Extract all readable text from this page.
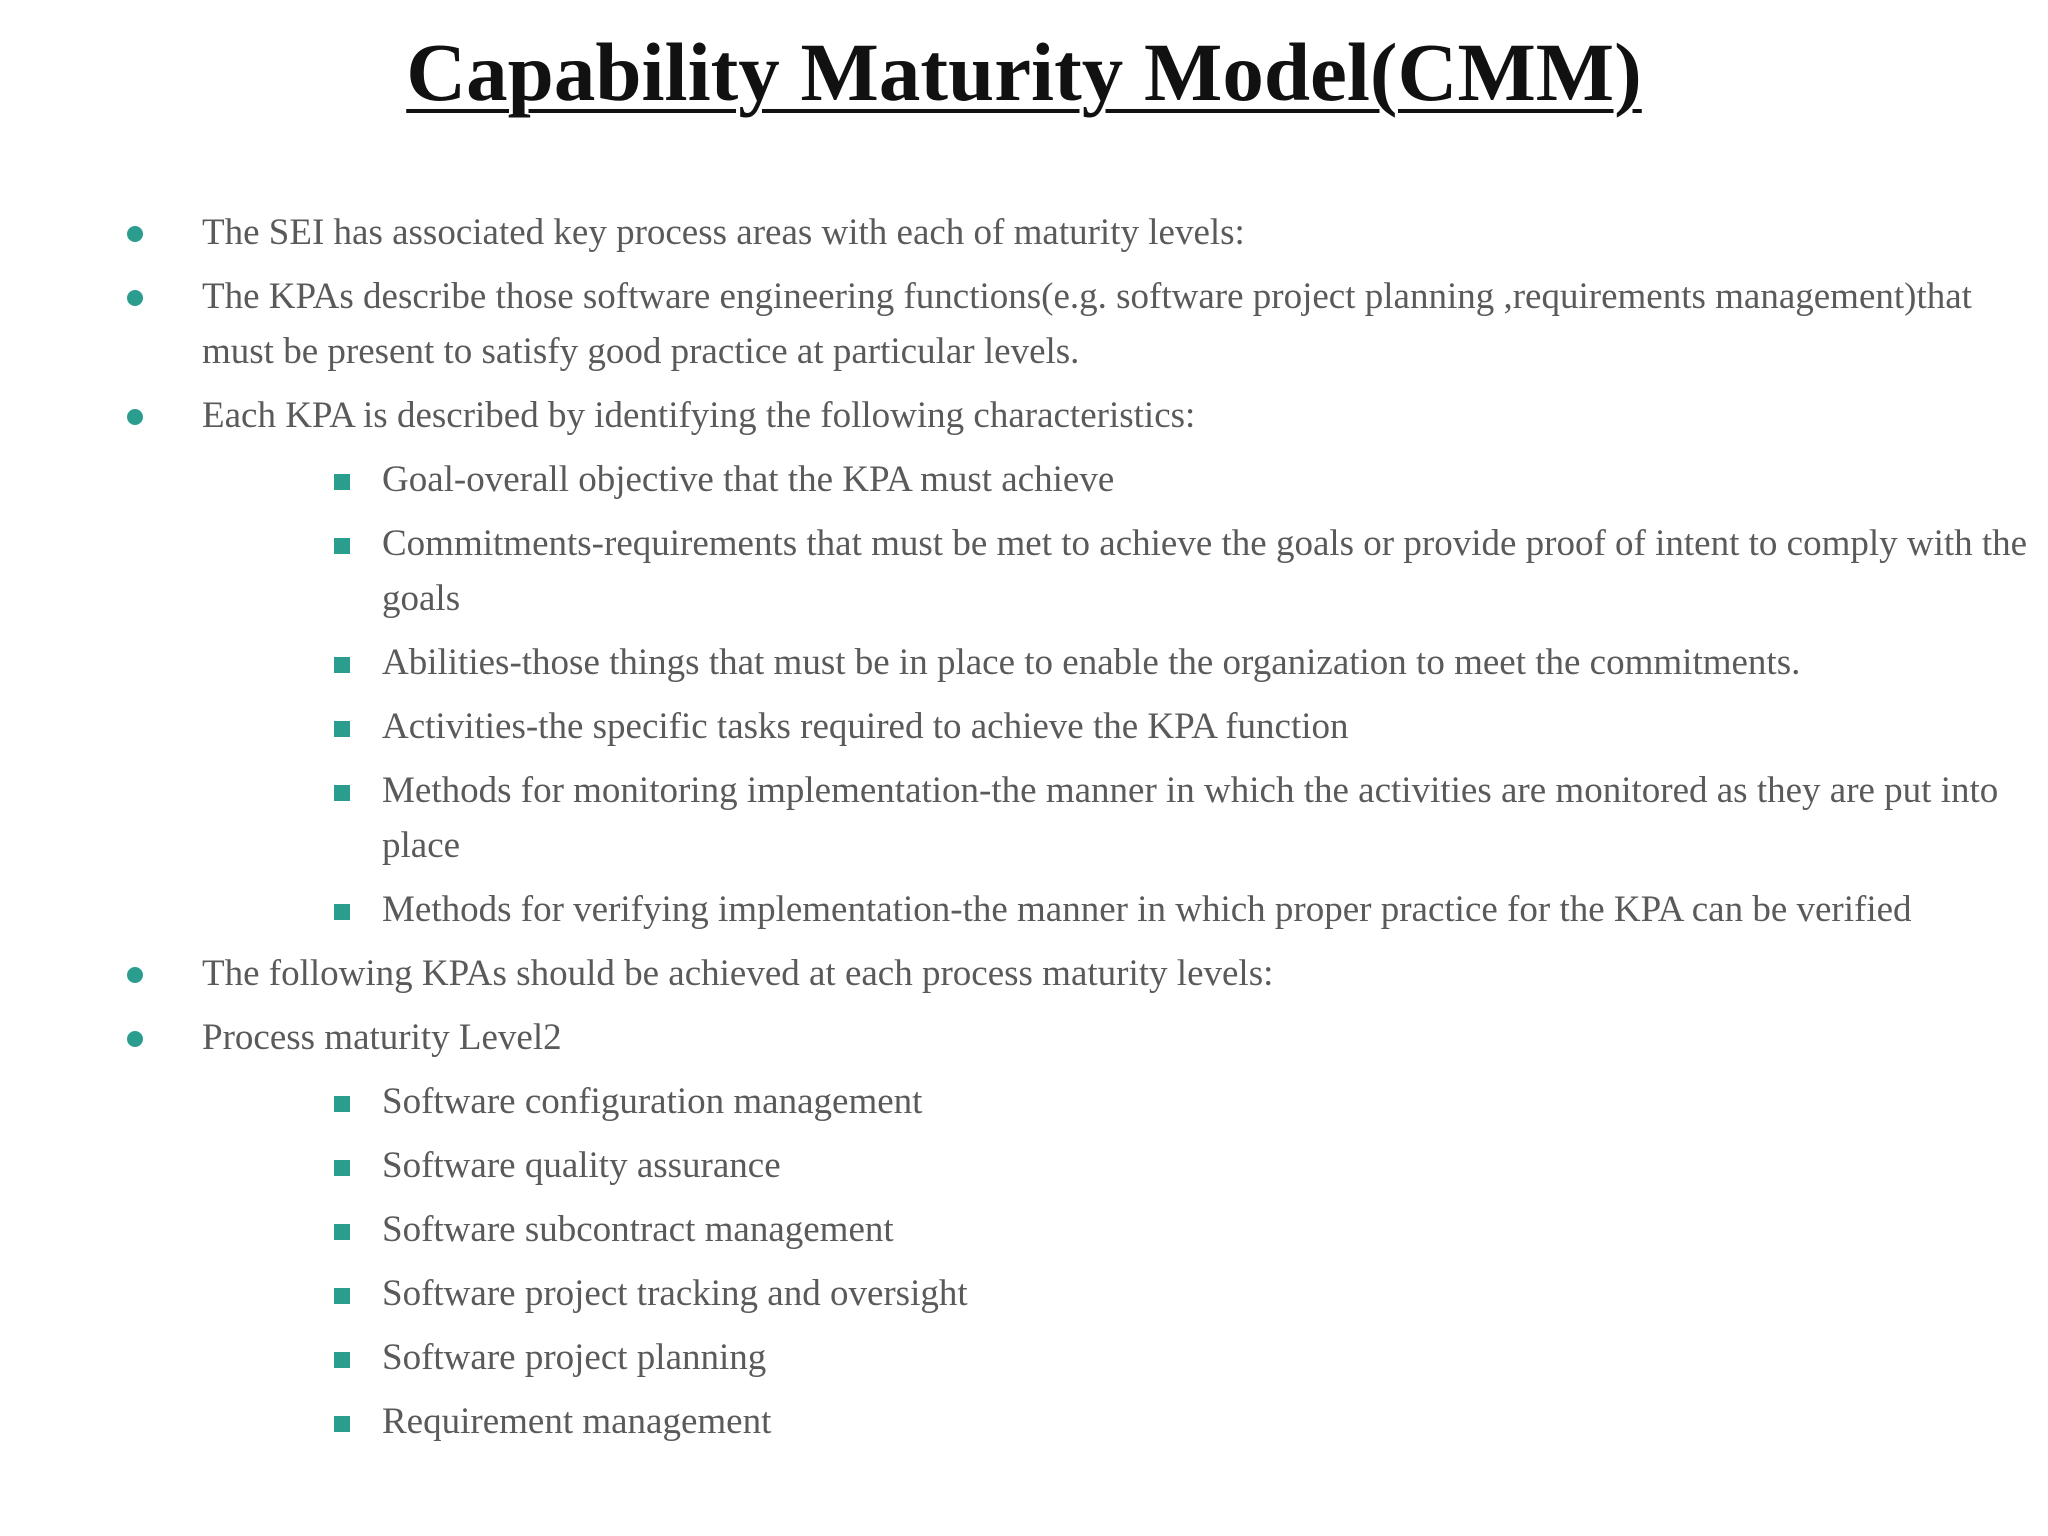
Capability Maturity Model(CMM)
The SEI has associated key process areas with each of maturity levels:
The KPAs describe those software engineering functions(e.g. software project planning ,requirements management)that must be present to satisfy good practice at particular levels.
Each KPA is described by identifying the following characteristics:
Goal-overall objective that the KPA must achieve
Commitments-requirements that must be met to achieve the goals or provide proof of intent to comply with the goals
Abilities-those things that must be in place to enable the organization to meet the commitments.
Activities-the specific tasks required to achieve the KPA function
Methods for monitoring implementation-the manner in which the activities are monitored as they are put into place
Methods for verifying implementation-the manner in which proper practice for the KPA can be verified
The following KPAs should be achieved at each process maturity levels:
Process maturity Level2
Software configuration management
Software quality assurance
Software subcontract management
Software project tracking and oversight
Software project planning
Requirement management
